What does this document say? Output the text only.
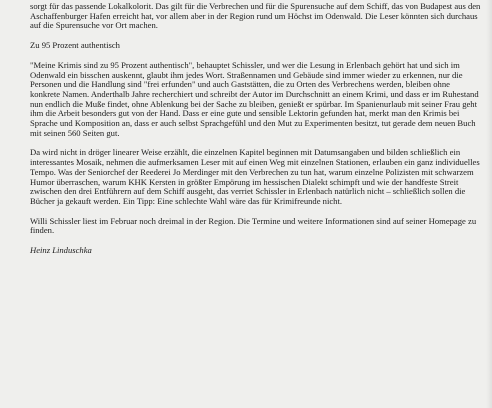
sorgt für das passende Lokalkolorit. Das gilt für die Verbrechen und für die Spurensuche auf dem Schiff, das von Budapest aus den Aschaffenburger Hafen erreicht hat, vor allem aber in der Region rund um Höchst im Odenwald. Die Leser könnten sich durchaus auf die Spurensuche vor Ort machen.

Zu 95 Prozent authentisch

"Meine Krimis sind zu 95 Prozent authentisch", behauptet Schissler, und wer die Lesung in Erlenbach gehört hat und sich im Odenwald ein bisschen auskennt, glaubt ihm jedes Wort. Straßennamen und Gebäude sind immer wieder zu erkennen, nur die Personen und die Handlung sind "frei erfunden" und auch Gaststätten, die zu Orten des Verbrechens werden, bleiben ohne konkrete Namen. Anderthalb Jahre recherchiert und schreibt der Autor im Durchschnitt an einem Krimi, und dass er im Ruhestand nun endlich die Muße findet, ohne Ablenkung bei der Sache zu bleiben, genießt er spürbar. Im Spanienurlaub mit seiner Frau geht ihm die Arbeit besonders gut von der Hand. Dass er eine gute und sensible Lektorin gefunden hat, merkt man den Krimis bei Sprache und Komposition an, dass er auch selbst Sprachgefühl und den Mut zu Experimenten besitzt, tut gerade dem neuen Buch mit seinen 560 Seiten gut.

Da wird nicht in dröger linearer Weise erzählt, die einzelnen Kapitel beginnen mit Datumsangaben und bilden schließlich ein interessantes Mosaik, nehmen die aufmerksamen Leser mit auf einen Weg mit einzelnen Stationen, erlauben ein ganz individuelles Tempo. Was der Seniorchef der Reederei Jo Merdinger mit den Verbrechen zu tun hat, warum einzelne Polizisten mit schwarzem Humor überraschen, warum KHK Kersten in größter Empörung im hessischen Dialekt schimpft und wie der handfeste Streit zwischen den drei Entführern auf dem Schiff ausgeht, das verriet Schissler in Erlenbach natürlich nicht – schließlich sollen die Bücher ja gekauft werden. Ein Tipp: Eine schlechte Wahl wäre das für Krimifreunde nicht.

Willi Schissler liest im Februar noch dreimal in der Region. Die Termine und weitere Informationen sind auf seiner Homepage zu finden.

Heinz Linduschka
